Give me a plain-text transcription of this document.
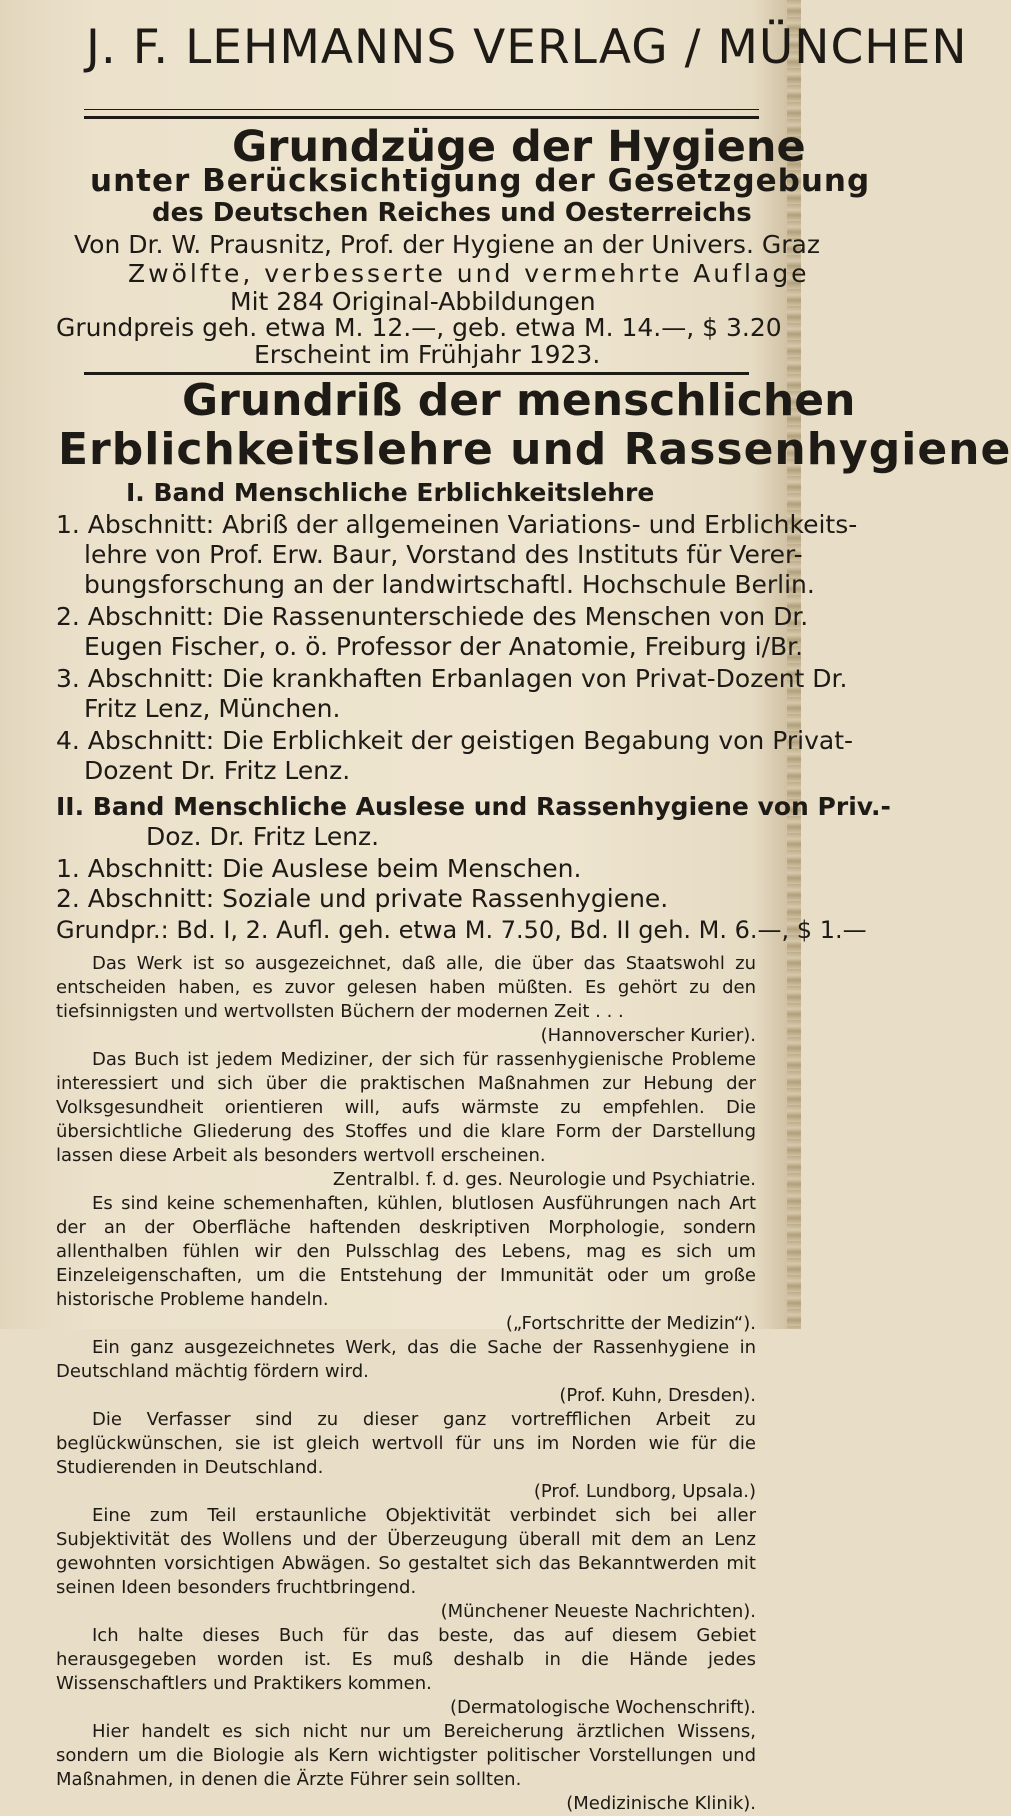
J. F. LEHMANNS VERLAG / MÜNCHEN
Grundzüge der Hygiene
unter Berücksichtigung der Gesetzgebung
des Deutschen Reiches und Oesterreichs
Von Dr. W. Prausnitz, Prof. der Hygiene an der Univers. Graz
Zwölfte, verbesserte und vermehrte Auflage
Mit 284 Original-Abbildungen
Grundpreis geh. etwa M. 12.—, geb. etwa M. 14.—, $ 3.20
Erscheint im Frühjahr 1923.
Grundriß der menschlichen
Erblichkeitslehre und Rassenhygiene
I. Band Menschliche Erblichkeitslehre
1. Abschnitt: Abriß der allgemeinen Variations- und Erblichkeits-
lehre von Prof. Erw. Baur, Vorstand des Instituts für Verer-
bungsforschung an der landwirtschaftl. Hochschule Berlin.
2. Abschnitt: Die Rassenunterschiede des Menschen von Dr.
Eugen Fischer, o. ö. Professor der Anatomie, Freiburg i/Br.
3. Abschnitt: Die krankhaften Erbanlagen von Privat-Dozent Dr.
Fritz Lenz, München.
4. Abschnitt: Die Erblichkeit der geistigen Begabung von Privat-
Dozent Dr. Fritz Lenz.
II. Band Menschliche Auslese und Rassenhygiene von Priv.-
Doz. Dr. Fritz Lenz.
1. Abschnitt: Die Auslese beim Menschen.
2. Abschnitt: Soziale und private Rassenhygiene.
Grundpr.: Bd. I, 2. Aufl. geh. etwa M. 7.50, Bd. II geh. M. 6.—, $ 1.—

Das Werk ist so ausgezeichnet, daß alle, die über das Staatswohl zu entscheiden haben, es zuvor gelesen haben müßten. Es gehört zu den tiefsinnigsten und wertvollsten Büchern der modernen Zeit . . .

(Hannoverscher Kurier).

Das Buch ist jedem Mediziner, der sich für rassenhygienische Probleme interessiert und sich über die praktischen Maßnahmen zur Hebung der Volksgesundheit orientieren will, aufs wärmste zu empfehlen. Die übersichtliche Gliederung des Stoffes und die klare Form der Darstellung lassen diese Arbeit als besonders wertvoll erscheinen.

Zentralbl. f. d. ges. Neurologie und Psychiatrie.

Es sind keine schemenhaften, kühlen, blutlosen Ausführungen nach Art der an der Oberfläche haftenden deskriptiven Morphologie, sondern allenthalben fühlen wir den Pulsschlag des Lebens, mag es sich um Einzeleigenschaften, um die Entstehung der Immunität oder um große historische Probleme handeln.

(„Fortschritte der Medizin“).

Ein ganz ausgezeichnetes Werk, das die Sache der Rassenhygiene in Deutschland mächtig fördern wird.

(Prof. Kuhn, Dresden).

Die Verfasser sind zu dieser ganz vortrefflichen Arbeit zu beglückwünschen, sie ist gleich wertvoll für uns im Norden wie für die Studierenden in Deutschland.

(Prof. Lundborg, Upsala.)

Eine zum Teil erstaunliche Objektivität verbindet sich bei aller Subjektivität des Wollens und der Überzeugung überall mit dem an Lenz gewohnten vorsichtigen Abwägen. So gestaltet sich das Bekanntwerden mit seinen Ideen besonders fruchtbringend.

(Münchener Neueste Nachrichten).

Ich halte dieses Buch für das beste, das auf diesem Gebiet herausgegeben worden ist. Es muß deshalb in die Hände jedes Wissenschaftlers und Praktikers kommen.

(Dermatologische Wochenschrift).

Hier handelt es sich nicht nur um Bereicherung ärztlichen Wissens, sondern um die Biologie als Kern wichtigster politischer Vorstellungen und Maßnahmen, in denen die Ärzte Führer sein sollten.

(Medizinische Klinik).
